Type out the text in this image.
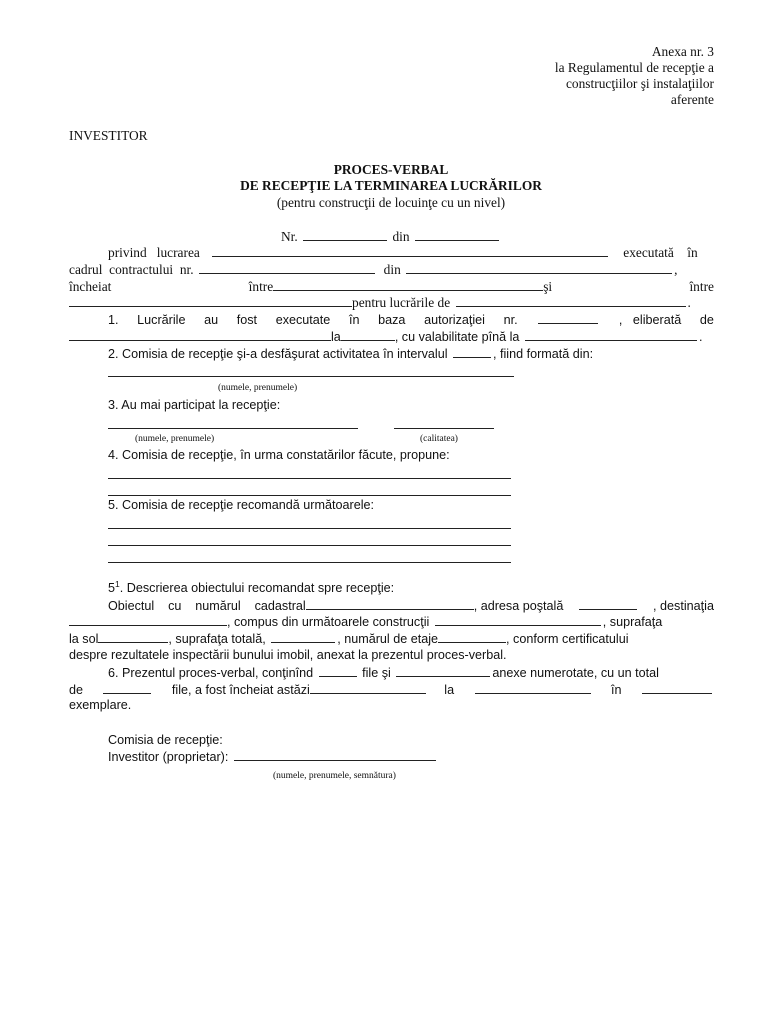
Anexa nr. 3
la Regulamentul de recepţie a
construcţiilor şi instalaţiilor
aferente
INVESTITOR
PROCES-VERBAL
DE RECEPŢIE LA TERMINAREA LUCRĂRILOR
(pentru construcţii de locuinţe cu un nivel)
Nr.	din
privind lucrarea	executată în
cadrul contractului nr.	din	,
încheiat	între	şi	între
pentru lucrările de	.
1. Lucrările au fost executate în baza autorizaţiei nr.	, eliberată de
la	, cu valabilitate pînă la	.
2. Comisia de recepţie şi-a desfăşurat activitatea în intervalul	, fiind formată din:
(numele, prenumele)
3. Au mai participat la recepţie:
(numele, prenumele)	(calitatea)
4. Comisia de recepţie, în urma constatărilor făcute, propune:
5. Comisia de recepţie recomandă următoarele:
$5^1$. Descrierea obiectului recomandat spre recepţie:
Obiectul cu numărul cadastral	, adresa poştală	, destinaţia
, compus din următoarele construcţii	, suprafaţa
la sol	, suprafaţa totală,	, numărul de etaje	, conform certificatului
despre rezultatele inspectării bunului imobil, anexat la prezentul proces-verbal.
6. Prezentul proces-verbal, conţinînd	file şi	anexe numerotate, cu un total
de	file, a fost încheiat astăzi	la	în
exemplare.
Comisia de recepţie:
Investitor (proprietar):
(numele, prenumele, semnătura)
